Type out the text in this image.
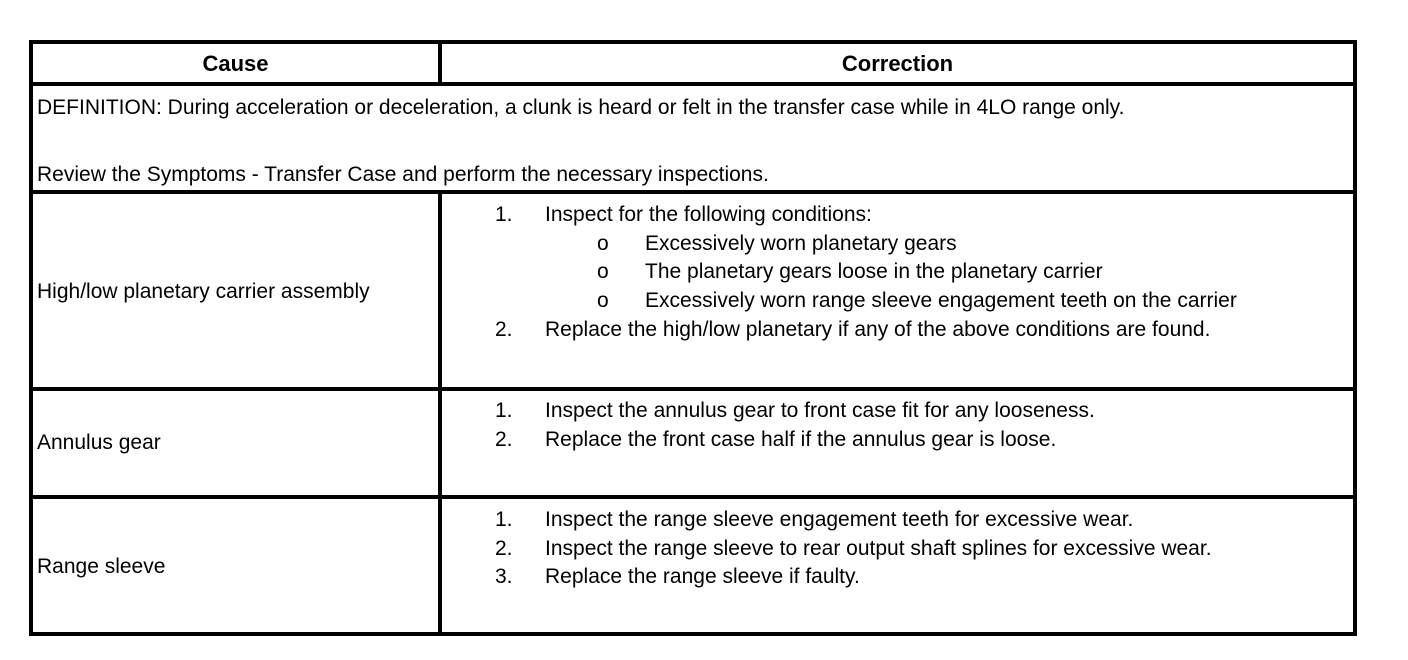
Cause	Correction
DEFINITION: During acceleration or deceleration, a clunk is heard or felt in the transfer case while in 4LO range only.
Review the Symptoms - Transfer Case and perform the necessary inspections.
High/low planetary carrier assembly
1. Inspect for the following conditions:
o Excessively worn planetary gears
o The planetary gears loose in the planetary carrier
o Excessively worn range sleeve engagement teeth on the carrier
2. Replace the high/low planetary if any of the above conditions are found.
Annulus gear
1. Inspect the annulus gear to front case fit for any looseness.
2. Replace the front case half if the annulus gear is loose.
Range sleeve
1. Inspect the range sleeve engagement teeth for excessive wear.
2. Inspect the range sleeve to rear output shaft splines for excessive wear.
3. Replace the range sleeve if faulty.
